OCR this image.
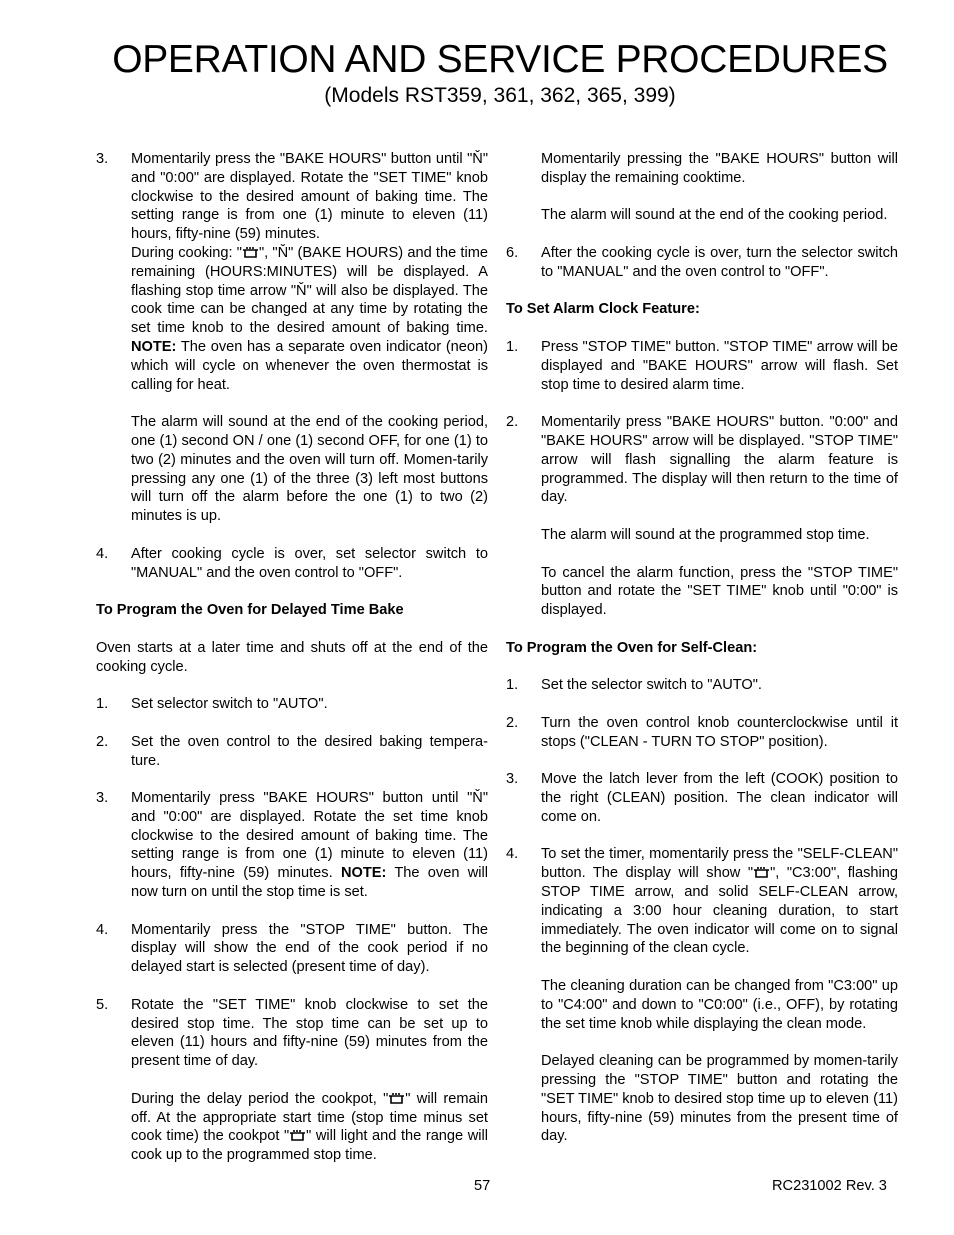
OPERATION AND SERVICE PROCEDURES
(Models RST359, 361, 362, 365, 399)
3.	Momentarily press the "BAKE HOURS" button until "Ň" and "0:00" are displayed. Rotate the "SET TIME" knob clockwise to the desired amount of baking time. The setting range is from one (1) minute to eleven (11) hours, fifty-nine (59) minutes.
During cooking: " ", "Ň" (BAKE HOURS) and the time remaining (HOURS:MINUTES) will be displayed. A flashing stop time arrow "Ň" will also be displayed. The cook time can be changed at any time by rotating the set time knob to the desired amount of baking time. NOTE: The oven has a separate oven indicator (neon) which will cycle on whenever the oven thermostat is calling for heat.

The alarm will sound at the end of the cooking period, one (1) second ON / one (1) second OFF, for one (1) to two (2) minutes and the oven will turn off. Momen-tarily pressing any one (1) of the three (3) left most buttons will turn off the alarm before the one (1) to two (2) minutes is up.

4.	After cooking cycle is over, set selector switch to "MANUAL" and the oven control to "OFF".
To Program the Oven for Delayed Time Bake

Oven starts at a later time and shuts off at the end of the cooking cycle.

1.	Set selector switch to "AUTO".
2.	Set the oven control to the desired baking tempera-ture.
3.	Momentarily press "BAKE HOURS" button until "Ň" and "0:00" are displayed. Rotate the set time knob clockwise to the desired amount of baking time. The setting range is from one (1) minute to eleven (11) hours, fifty-nine (59) minutes. NOTE: The oven will now turn on until the stop time is set.
4.	Momentarily press the "STOP TIME" button. The display will show the end of the cook period if no delayed start is selected (present time of day).
5.	Rotate the "SET TIME" knob clockwise to set the desired stop time. The stop time can be set up to eleven (11) hours and fifty-nine (59) minutes from the present time of day.

During the delay period the cookpot, " " will remain off. At the appropriate start time (stop time minus set cook time) the cookpot " " will light and the range will cook up to the programmed stop time.

Momentarily pressing the "BAKE HOURS" button will display the remaining cooktime.

The alarm will sound at the end of the cooking period.

6.	After the cooking cycle is over, turn the selector switch to "MANUAL" and the oven control to "OFF".
To Set Alarm Clock Feature:
1.	Press "STOP TIME" button. "STOP TIME" arrow will be displayed and "BAKE HOURS" arrow will flash. Set stop time to desired alarm time.
2.	Momentarily press "BAKE HOURS" button. "0:00" and "BAKE HOURS" arrow will be displayed. "STOP TIME" arrow will flash signalling the alarm feature is programmed. The display will then return to the time of day.

The alarm will sound at the programmed stop time.

To cancel the alarm function, press the "STOP TIME" button and rotate the "SET TIME" knob until "0:00" is displayed.

To Program the Oven for Self-Clean:
1.	Set the selector switch to "AUTO".
2.	Turn the oven control knob counterclockwise until it stops ("CLEAN - TURN TO STOP" position).
3.	Move the latch lever from the left (COOK) position to the right (CLEAN) position. The clean indicator will come on.
4.	To set the timer, momentarily press the "SELF-CLEAN" button. The display will show " ", "C3:00", flashing STOP TIME arrow, and solid SELF-CLEAN arrow, indicating a 3:00 hour cleaning duration, to start immediately. The oven indicator will come on to signal the beginning of the clean cycle.

The cleaning duration can be changed from "C3:00" up to "C4:00" and down to "C0:00" (i.e., OFF), by rotating the set time knob while displaying the clean mode.

Delayed cleaning can be programmed by momen-tarily pressing the "STOP TIME" button and rotating the "SET TIME" knob to desired stop time up to eleven (11) hours, fifty-nine (59) minutes from the present time of day.

57	RC231002 Rev. 3
